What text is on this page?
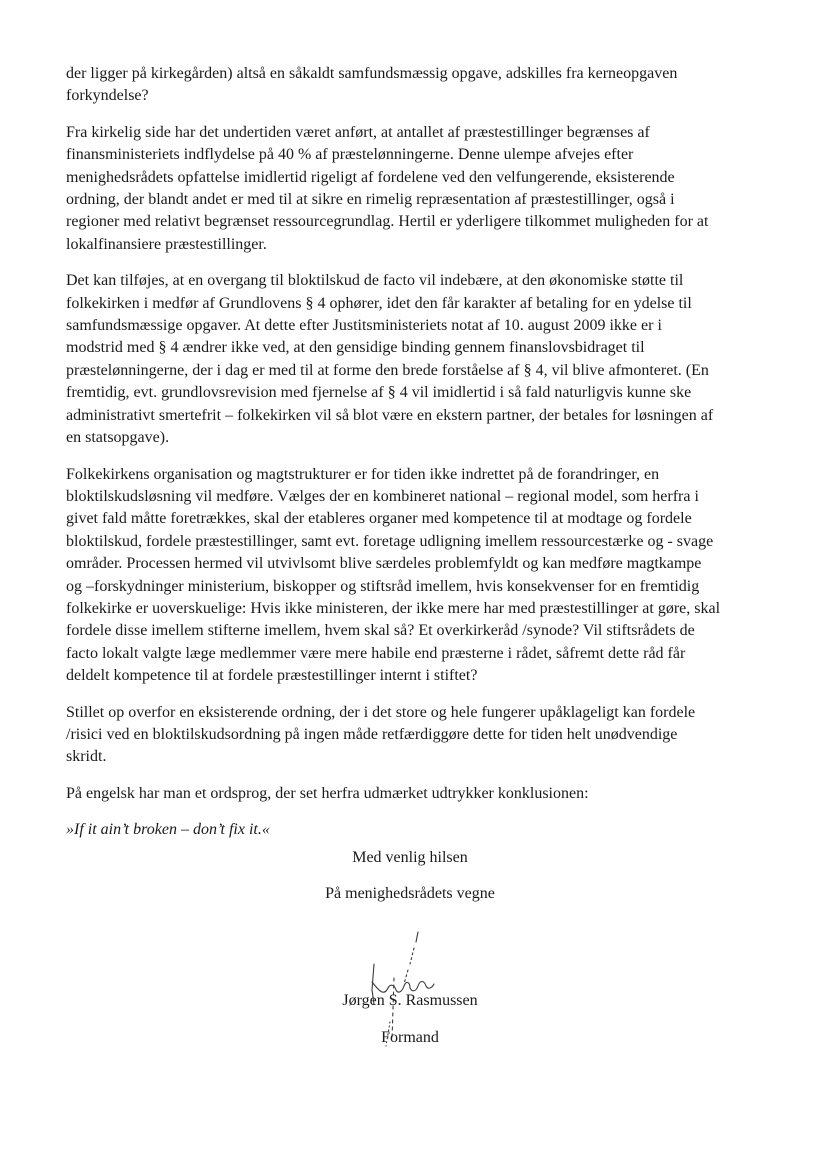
der ligger på kirkegården) altså en såkaldt samfundsmæssig opgave, adskilles fra kerneopgaven forkyndelse?

Fra kirkelig side har det undertiden været anført, at antallet af præstestillinger begrænses af finansministeriets indflydelse på 40 % af præstelønningerne. Denne ulempe afvejes efter menighedsrådets opfattelse imidlertid rigeligt af fordelene ved den velfungerende, eksisterende ordning, der blandt andet er med til at sikre en rimelig repræsentation af præstestillinger, også i regioner med relativt begrænset ressourcegrundlag. Hertil er yderligere tilkommet muligheden for at lokalfinansiere præstestillinger.

Det kan tilføjes, at en overgang til bloktilskud de facto vil indebære, at den økonomiske støtte til folkekirken i medfør af Grundlovens § 4 ophører, idet den får karakter af betaling for en ydelse til samfundsmæssige opgaver. At dette efter Justitsministeriets notat af 10. august 2009 ikke er i modstrid med § 4 ændrer ikke ved, at den gensidige binding gennem finanslovsbidraget til præstelønningerne, der i dag er med til at forme den brede forståelse af § 4, vil blive afmonteret. (En fremtidig, evt. grundlovsrevision med fjernelse af § 4 vil imidlertid i så fald naturligvis kunne ske administrativt smertefrit – folkekirken vil så blot være en ekstern partner, der betales for løsningen af en statsopgave).

Folkekirkens organisation og magtstrukturer er for tiden ikke indrettet på de forandringer, en bloktilskudsløsning vil medføre. Vælges der en kombineret national – regional model, som herfra i givet fald måtte foretrækkes, skal der etableres organer med kompetence til at modtage og fordele bloktilskud, fordele præstestillinger, samt evt. foretage udligning imellem ressourcestærke og - svage områder. Processen hermed vil utvivlsomt blive særdeles problemfyldt og kan medføre magtkampe og –forskydninger ministerium, biskopper og stiftsråd imellem, hvis konsekvenser for en fremtidig folkekirke er uoverskuelige: Hvis ikke ministeren, der ikke mere har med præstestillinger at gøre, skal fordele disse imellem stifterne imellem, hvem skal så? Et overkirkeråd /synode? Vil stiftsrådets de facto lokalt valgte læge medlemmer være mere habile end præsterne i rådet, såfremt dette råd får deldelt kompetence til at fordele præstestillinger internt i stiftet?

Stillet op overfor en eksisterende ordning, der i det store og hele fungerer upåklageligt kan fordele /risici ved en bloktilskudsordning på ingen måde retfærdiggøre dette for tiden helt unødvendige skridt.

På engelsk har man et ordsprog, der set herfra udmærket udtrykker konklusionen:

»If it ain’t broken – don’t fix it.«

Med venlig hilsen
På menighedsrådets vegne
Jørgen S. Rasmussen
Formand
